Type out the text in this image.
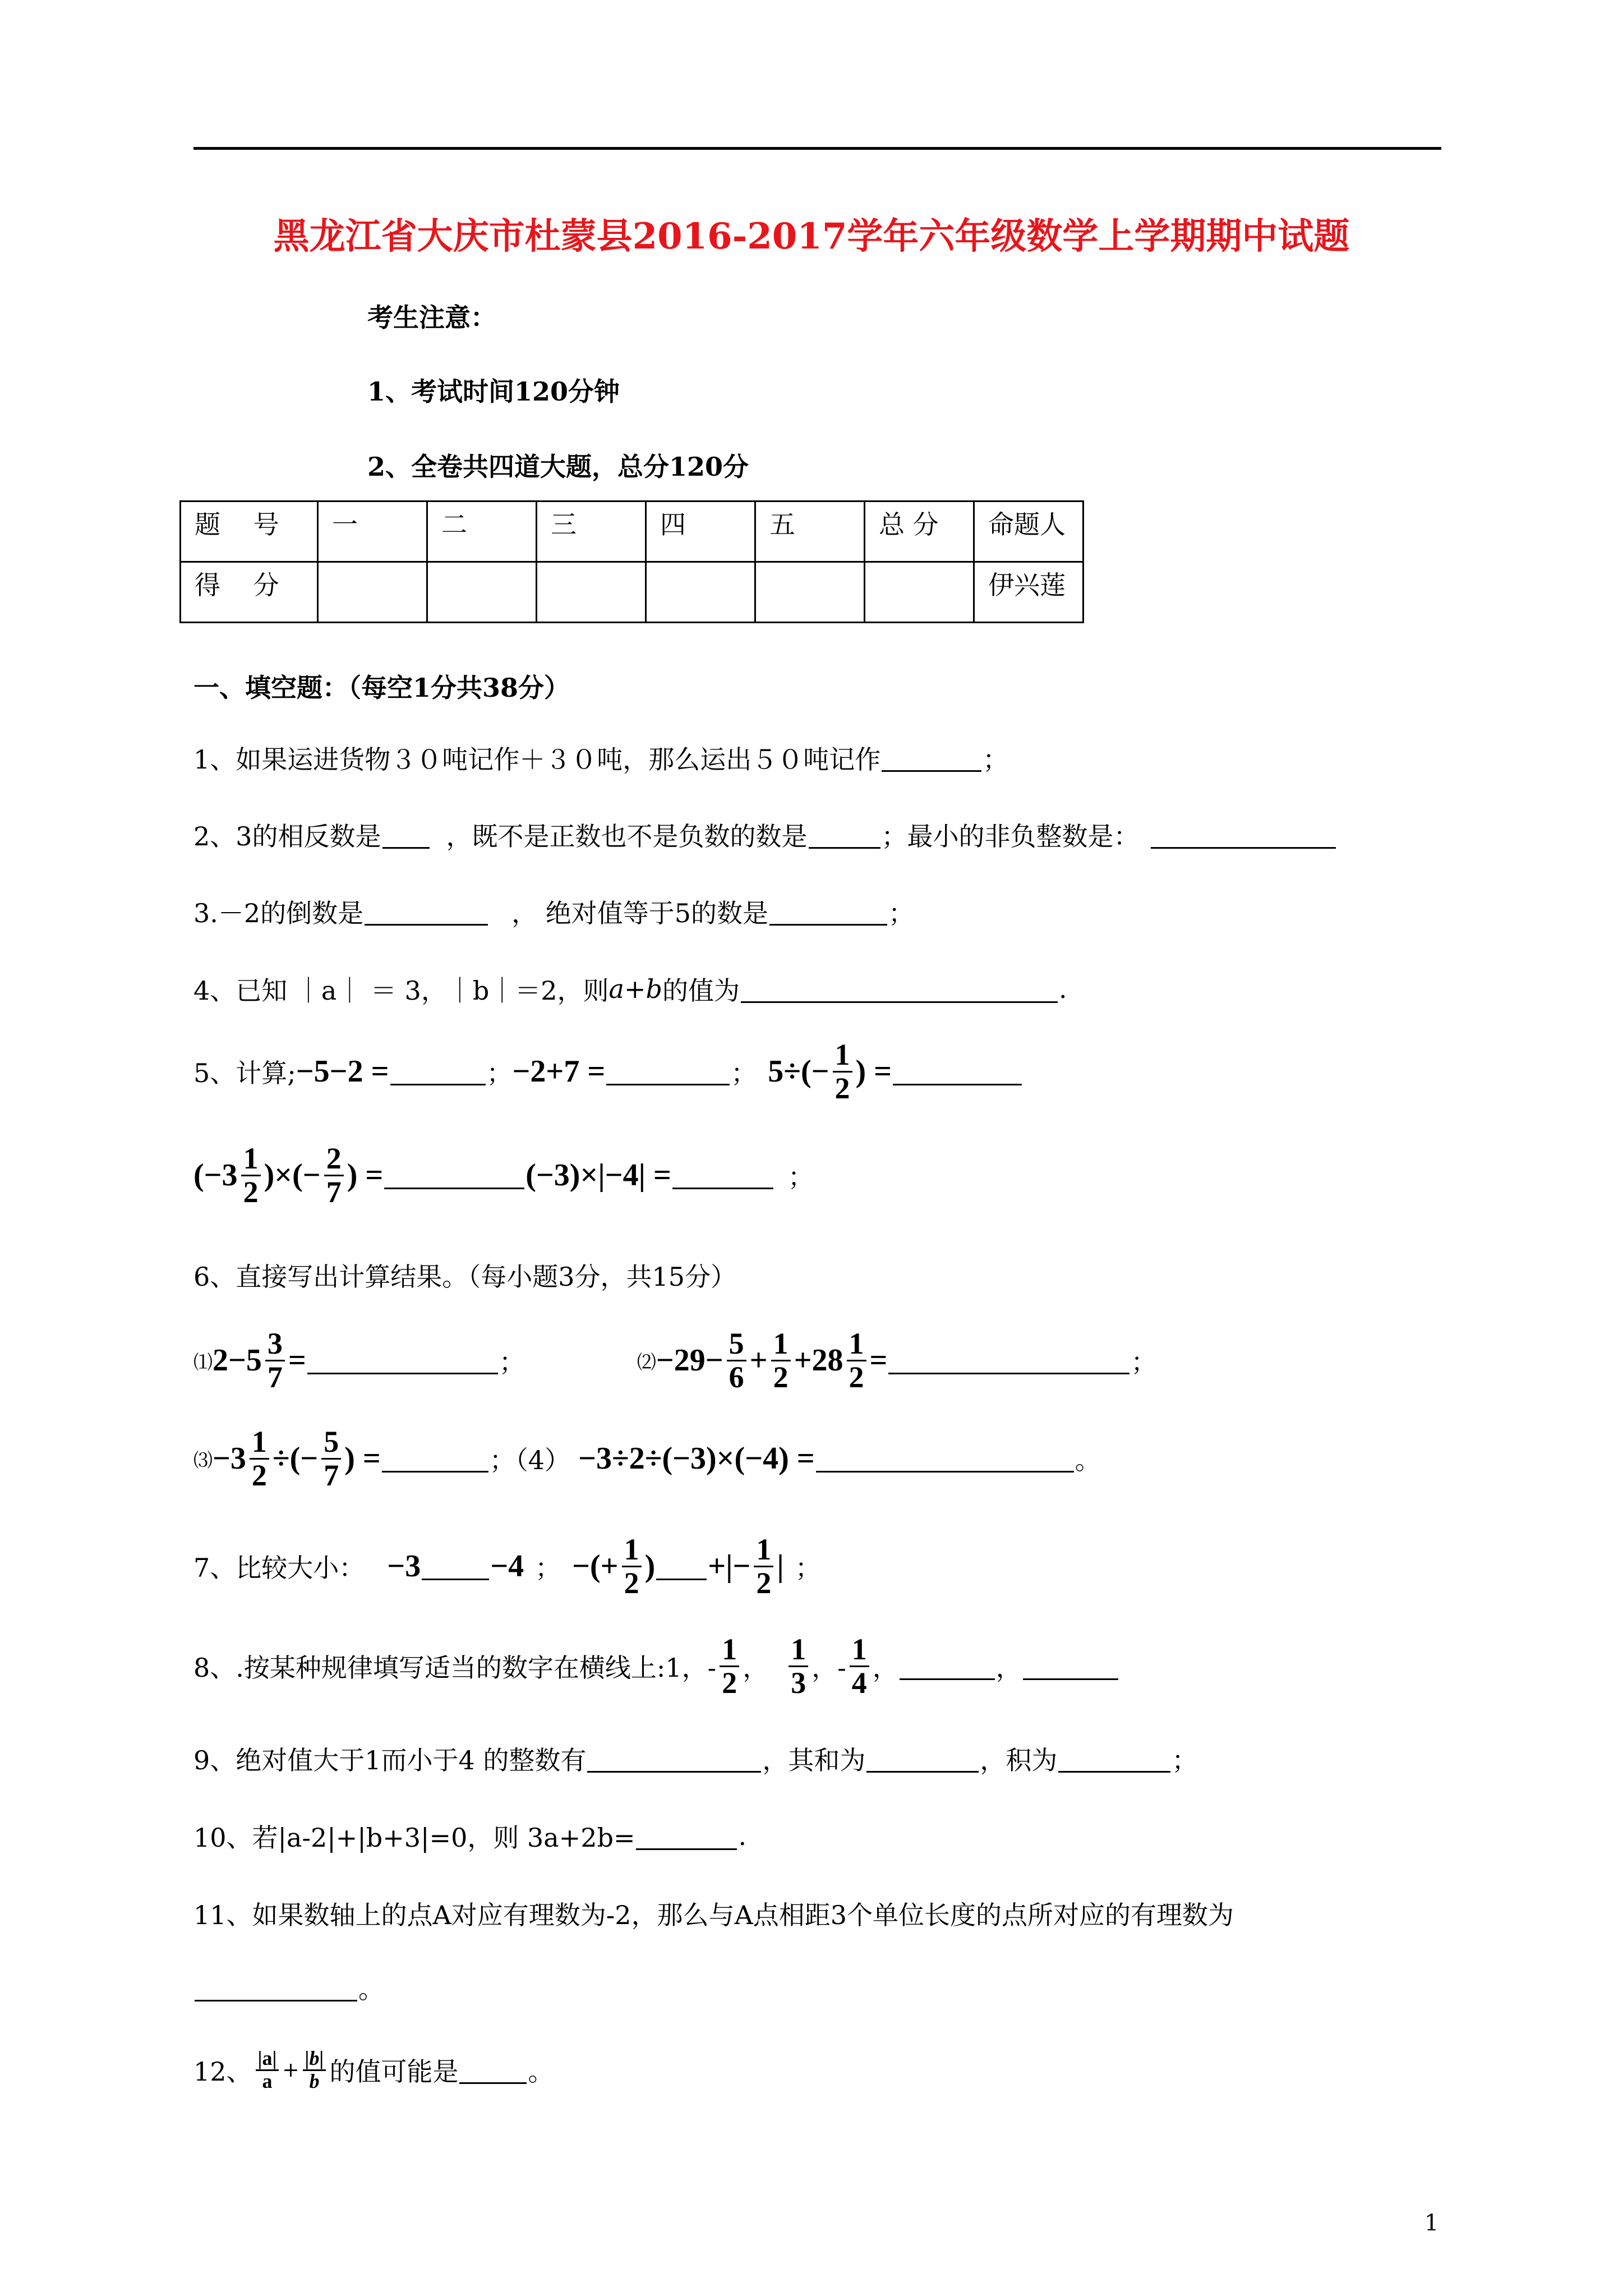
黑龙江省大庆市杜蒙县2016-2017学年六年级数学上学期期中试题
考生注意：
1、考试时间120分钟
2、全卷共四道大题，总分120分
题 号	一	二	三	四	五	总 分	命题人
得 分							伊兴莲
一、填空题：（每空1分共38分）
1、如果运进货物３０吨记作＋３０吨，那么运出５０吨记作	；
2、3的相反数是	，既不是正数也不是负数的数是	；最小的非负整数是：
3.－2的倒数是	， 绝对值等于5的数是	；
4、已知 ｜a｜ ＝ 3，｜b｜＝2，则 a+b 的值为	.
5、计算; −5−2 =	； −2+7 =	； $5\div(- \frac{1}{2}$ ) =
($-3 \frac{1}{2}$ )×(− $\frac{2}{7}$ ) =	(−3)×|−4| =	；
6、直接写出计算结果。（每小题3分，共15分）
⑴ $2-5 \frac{3}{7}$ =	；	⑵ $-29- \frac{5}{6} + \frac{1}{2} +28 \frac{1}{2}$ =	；
⑶ $-3 \frac{1}{2}$ ÷(− $\frac{5}{7}$ ) =	；（4） −3÷2÷(−3)×(−4) =	。
7、比较大小： −3 −4 ； −(+ $\frac{1}{2}$ ) +|− $\frac{1}{2}$ | ；
8、.按某种规律填写适当的数字在横线上:1，- $\frac{1}{2}$ ， $\frac{1}{3}$ ，- $\frac{1}{4}$ ，	，
9、绝对值大于1而小于4 的整数有	，其和为	，积为	；
10、若|a-2|+|b+3|=0，则 3a+2b=	.
11、如果数轴上的点A对应有理数为-2，那么与A点相距3个单位长度的点所对应的有理数为
。
12、 $\frac{|a|}{a} + \frac{|b|}{b}$ 的值可能是	。
1
